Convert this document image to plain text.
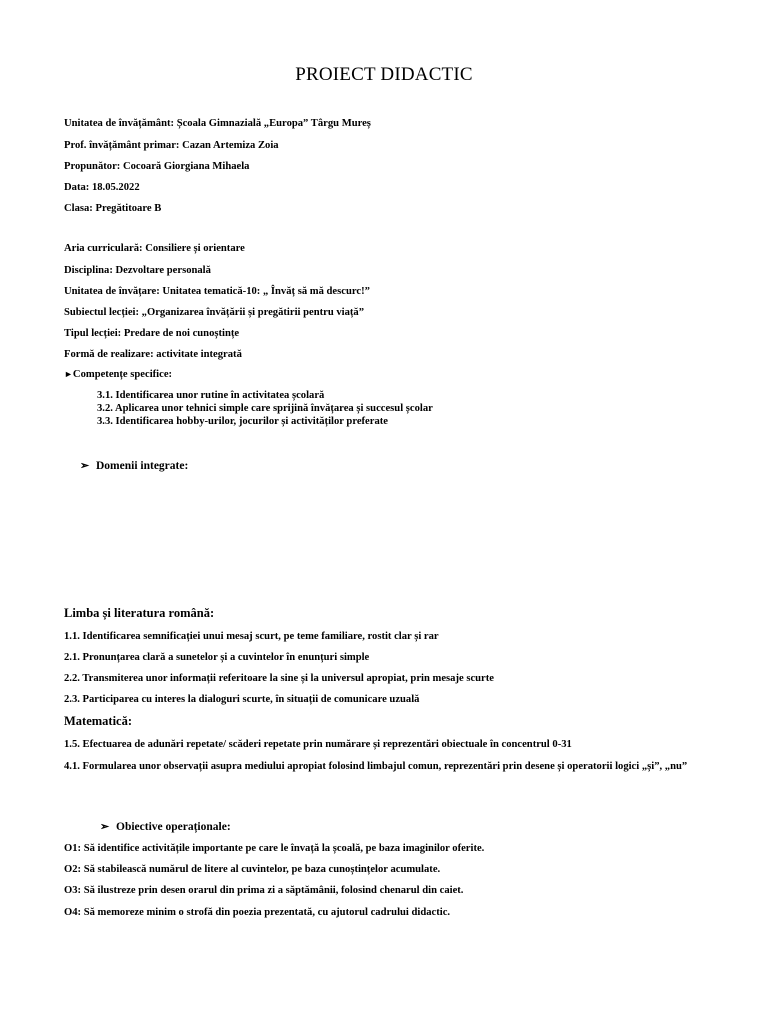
PROIECT DIDACTIC
Unitatea de învățământ: Școala Gimnazială „Europa” Târgu Mureș
Prof. învățământ primar: Cazan Artemiza Zoia
Propunător: Cocoară Giorgiana Mihaela
Data: 18.05.2022
Clasa: Pregătitoare B
Aria curriculară: Consiliere și orientare
Disciplina: Dezvoltare personală
Unitatea de învățare: Unitatea tematică-10: „ Învăț să mă descurc!”
Subiectul lecției: „Organizarea învățării și pregătirii pentru viață”
Tipul lecției: Predare de noi cunoștințe
Formă de realizare: activitate integrată
►Competențe specifice:
3.1. Identificarea unor rutine în activitatea școlară
3.2. Aplicarea unor tehnici simple care sprijină învățarea și succesul școlar
3.3. Identificarea hobby-urilor, jocurilor și activităților preferate
➢ Domenii integrate:
Limba și literatura română:
1.1. Identificarea semnificației unui mesaj scurt, pe teme familiare, rostit clar și rar
2.1. Pronunțarea clară a sunetelor și a cuvintelor în enunțuri simple
2.2. Transmiterea unor informații referitoare la sine și la universul apropiat, prin mesaje scurte
2.3. Participarea cu interes la dialoguri scurte, în situații de comunicare uzuală
Matematică:
1.5. Efectuarea de adunări repetate/ scăderi repetate prin numărare și reprezentări obiectuale în concentrul 0-31
4.1. Formularea unor observații asupra mediului apropiat folosind limbajul comun, reprezentări prin desene și operatorii logici „și”, „nu”
➢ Obiective operaționale:
O1: Să identifice activitățile importante pe care le învață la școală, pe baza imaginilor oferite.
O2: Să stabilească numărul de litere al cuvintelor, pe baza cunoștințelor acumulate.
O3: Să ilustreze prin desen orarul din prima zi a săptămânii, folosind chenarul din caiet.
O4: Să memoreze minim o strofă din poezia prezentată, cu ajutorul cadrului didactic.
